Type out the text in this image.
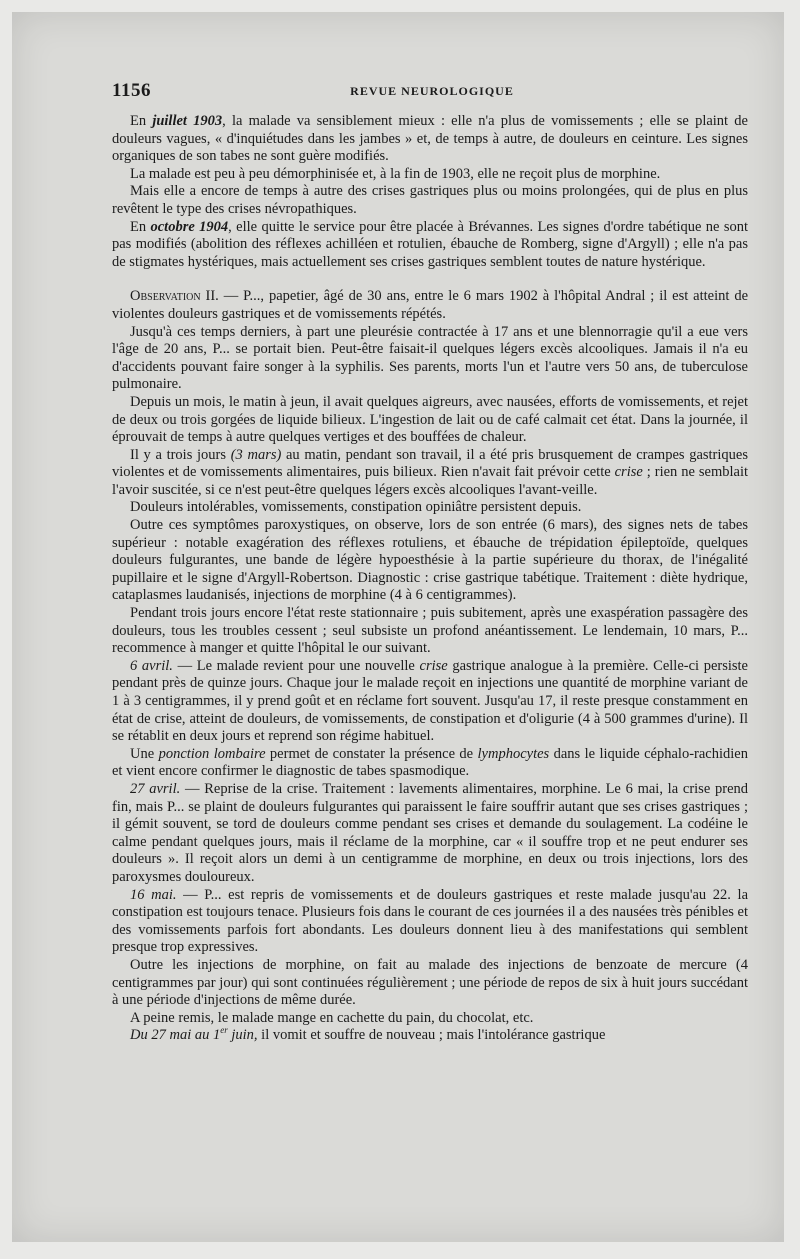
1156	REVUE NEUROLOGIQUE

En juillet 1903, la malade va sensiblement mieux : elle n'a plus de vomissements ; elle se plaint de douleurs vagues, « d'inquiétudes dans les jambes » et, de temps à autre, de douleurs en ceinture. Les signes organiques de son tabes ne sont guère modifiés.

La malade est peu à peu démorphinisée et, à la fin de 1903, elle ne reçoit plus de morphine.

Mais elle a encore de temps à autre des crises gastriques plus ou moins prolongées, qui de plus en plus revêtent le type des crises névropathiques.

En octobre 1904, elle quitte le service pour être placée à Brévannes. Les signes d'ordre tabétique ne sont pas modifiés (abolition des réflexes achilléen et rotulien, ébauche de Romberg, signe d'Argyll) ; elle n'a pas de stigmates hystériques, mais actuellement ses crises gastriques semblent toutes de nature hystérique.

Observation II. — P..., papetier, âgé de 30 ans, entre le 6 mars 1902 à l'hôpital Andral ; il est atteint de violentes douleurs gastriques et de vomissements répétés.

Jusqu'à ces temps derniers, à part une pleurésie contractée à 17 ans et une blennorragie qu'il a eue vers l'âge de 20 ans, P... se portait bien. Peut-être faisait-il quelques légers excès alcooliques. Jamais il n'a eu d'accidents pouvant faire songer à la syphilis. Ses parents, morts l'un et l'autre vers 50 ans, de tuberculose pulmonaire.

Depuis un mois, le matin à jeun, il avait quelques aigreurs, avec nausées, efforts de vomissements, et rejet de deux ou trois gorgées de liquide bilieux. L'ingestion de lait ou de café calmait cet état. Dans la journée, il éprouvait de temps à autre quelques vertiges et des bouffées de chaleur.

Il y a trois jours (3 mars) au matin, pendant son travail, il a été pris brusquement de crampes gastriques violentes et de vomissements alimentaires, puis bilieux. Rien n'avait fait prévoir cette crise ; rien ne semblait l'avoir suscitée, si ce n'est peut-être quelques légers excès alcooliques l'avant-veille.

Douleurs intolérables, vomissements, constipation opiniâtre persistent depuis.

Outre ces symptômes paroxystiques, on observe, lors de son entrée (6 mars), des signes nets de tabes supérieur : notable exagération des réflexes rotuliens, et ébauche de trépidation épileptoïde, quelques douleurs fulgurantes, une bande de légère hypoesthésie à la partie supérieure du thorax, de l'inégalité pupillaire et le signe d'Argyll-Robertson. Diagnostic : crise gastrique tabétique. Traitement : diète hydrique, cataplasmes laudanisés, injections de morphine (4 à 6 centigrammes).

Pendant trois jours encore l'état reste stationnaire ; puis subitement, après une exaspération passagère des douleurs, tous les troubles cessent ; seul subsiste un profond anéantissement. Le lendemain, 10 mars, P... recommence à manger et quitte l'hôpital le our suivant.

6 avril. — Le malade revient pour une nouvelle crise gastrique analogue à la première. Celle-ci persiste pendant près de quinze jours. Chaque jour le malade reçoit en injections une quantité de morphine variant de 1 à 3 centigrammes, il y prend goût et en réclame fort souvent. Jusqu'au 17, il reste presque constamment en état de crise, atteint de douleurs, de vomissements, de constipation et d'oligurie (4 à 500 grammes d'urine). Il se rétablit en deux jours et reprend son régime habituel.

Une ponction lombaire permet de constater la présence de lymphocytes dans le liquide céphalo-rachidien et vient encore confirmer le diagnostic de tabes spasmodique.

27 avril. — Reprise de la crise. Traitement : lavements alimentaires, morphine. Le 6 mai, la crise prend fin, mais P... se plaint de douleurs fulgurantes qui paraissent le faire souffrir autant que ses crises gastriques ; il gémit souvent, se tord de douleurs comme pendant ses crises et demande du soulagement. La codéine le calme pendant quelques jours, mais il réclame de la morphine, car « il souffre trop et ne peut endurer ses douleurs ». Il reçoit alors un demi à un centigramme de morphine, en deux ou trois injections, lors des paroxysmes douloureux.

16 mai. — P... est repris de vomissements et de douleurs gastriques et reste malade jusqu'au 22. la constipation est toujours tenace. Plusieurs fois dans le courant de ces journées il a des nausées très pénibles et des vomissements parfois fort abondants. Les douleurs donnent lieu à des manifestations qui semblent presque trop expressives.

Outre les injections de morphine, on fait au malade des injections de benzoate de mercure (4 centigrammes par jour) qui sont continuées régulièrement ; une période de repos de six à huit jours succédant à une période d'injections de même durée.

A peine remis, le malade mange en cachette du pain, du chocolat, etc.

Du 27 mai au 1er juin, il vomit et souffre de nouveau ; mais l'intolérance gastrique
